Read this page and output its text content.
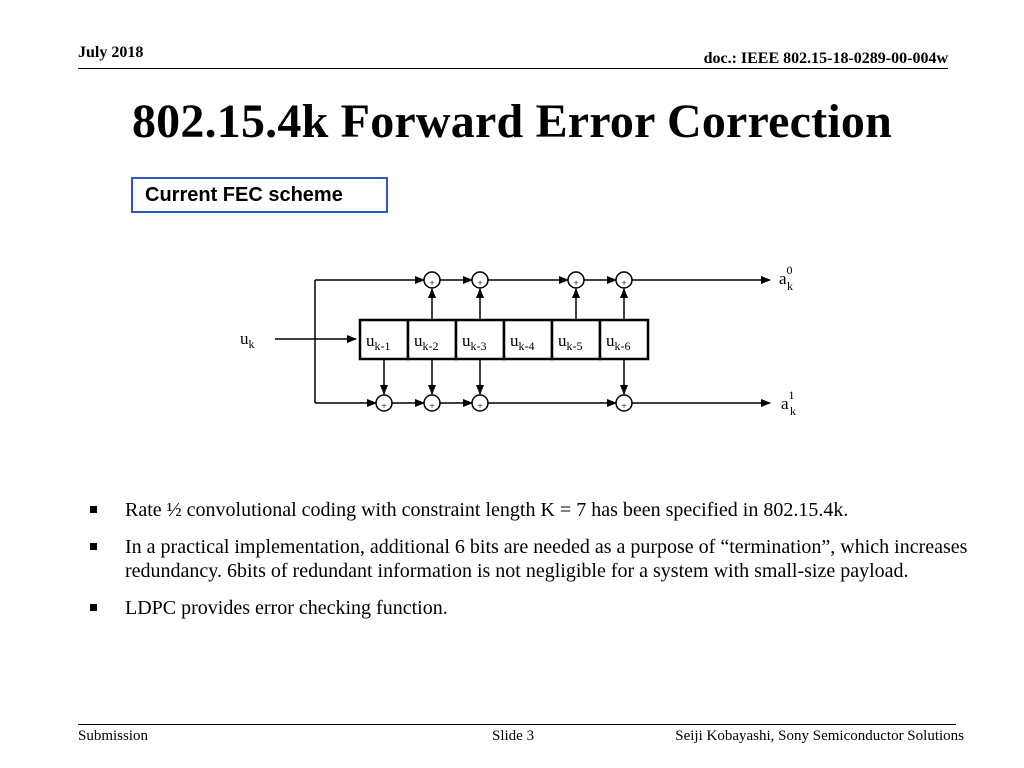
July 2018	doc.: IEEE 802.15-18-0289-00-004w
802.15.4k Forward Error Correction
Current FEC scheme
$u_{k-1}$ $u_{k-2}$ $u_{k-3}$ $u_{k-4}$ $u_{k-5}$ $u_{k-6}$
$u_k$
$a^0$
k
$a^1$
k
+	+	+	+
+	+	+	+
Rate ½ convolutional coding with constraint length K = 7 has been specified in 802.15.4k.
In a practical implementation, additional 6 bits are needed as a purpose of “termination”, which increases redundancy. 6bits of redundant information is not negligible for a system with small-size payload.
LDPC provides error checking function.
Submission	Slide 3	Seiji Kobayashi, Sony Semiconductor Solutions
